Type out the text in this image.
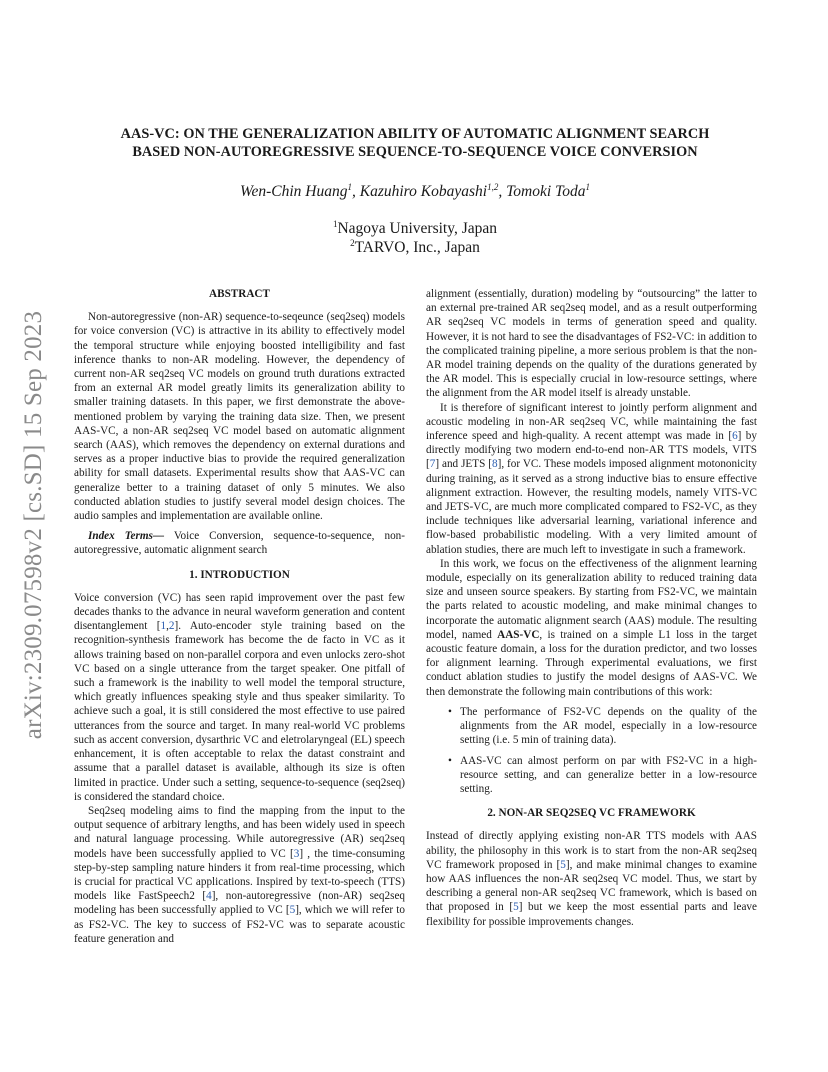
arXiv:2309.07598v2 [cs.SD] 15 Sep 2023
AAS-VC: ON THE GENERALIZATION ABILITY OF AUTOMATIC ALIGNMENT SEARCH
BASED NON-AUTOREGRESSIVE SEQUENCE-TO-SEQUENCE VOICE CONVERSION
Wen-Chin Huang$^1$, Kazuhiro Kobayashi$^{1,2}$, Tomoki Toda$^1$
$^1$Nagoya University, Japan
$^2$TARVO, Inc., Japan
ABSTRACT

Non-autoregressive (non-AR) sequence-to-seqeunce (seq2seq) models for voice conversion (VC) is attractive in its ability to effectively model the temporal structure while enjoying boosted intelligibility and fast inference thanks to non-AR modeling. However, the dependency of current non-AR seq2seq VC models on ground truth durations extracted from an external AR model greatly limits its generalization ability to smaller training datasets. In this paper, we first demonstrate the above-mentioned problem by varying the training data size. Then, we present AAS-VC, a non-AR seq2seq VC model based on automatic alignment search (AAS), which removes the dependency on external durations and serves as a proper inductive bias to provide the required generalization ability for small datasets. Experimental results show that AAS-VC can generalize better to a training dataset of only 5 minutes. We also conducted ablation studies to justify several model design choices. The audio samples and implementation are available online.

Index Terms— Voice Conversion, sequence-to-sequence, non-autoregressive, automatic alignment search

1. INTRODUCTION

Voice conversion (VC) has seen rapid improvement over the past few decades thanks to the advance in neural waveform generation and content disentanglement [1,2]. Auto-encoder style training based on the recognition-synthesis framework has become the de facto in VC as it allows training based on non-parallel corpora and even unlocks zero-shot VC based on a single utterance from the target speaker. One pitfall of such a framework is the inability to well model the temporal structure, which greatly influences speaking style and thus speaker similarity. To achieve such a goal, it is still considered the most effective to use paired utterances from the source and target. In many real-world VC problems such as accent conversion, dysarthric VC and eletrolaryngeal (EL) speech enhancement, it is often acceptable to relax the datast constraint and assume that a parallel dataset is available, although its size is often limited in practice. Under such a setting, sequence-to-sequence (seq2seq) is considered the standard choice.

Seq2seq modeling aims to find the mapping from the input to the output sequence of arbitrary lengths, and has been widely used in speech and natural language processing. While autoregressive (AR) seq2seq models have been successfully applied to VC [3] , the time-consuming step-by-step sampling nature hinders it from real-time processing, which is crucial for practical VC applications. Inspired by text-to-speech (TTS) models like FastSpeech2 [4], non-autoregressive (non-AR) seq2seq modeling has been successfully applied to VC [5], which we will refer to as FS2-VC. The key to success of FS2-VC was to separate acoustic feature generation and

alignment (essentially, duration) modeling by “outsourcing” the latter to an external pre-trained AR seq2seq model, and as a result outperforming AR seq2seq VC models in terms of generation speed and quality. However, it is not hard to see the disadvantages of FS2-VC: in addition to the complicated training pipeline, a more serious problem is that the non-AR model training depends on the quality of the durations generated by the AR model. This is especially crucial in low-resource settings, where the alignment from the AR model itself is already unstable.

It is therefore of significant interest to jointly perform alignment and acoustic modeling in non-AR seq2seq VC, while maintaining the fast inference speed and high-quality. A recent attempt was made in [6] by directly modifying two modern end-to-end non-AR TTS models, VITS [7] and JETS [8], for VC. These models imposed alignment motononicity during training, as it served as a strong inductive bias to ensure effective alignment extraction. However, the resulting models, namely VITS-VC and JETS-VC, are much more complicated compared to FS2-VC, as they include techniques like adversarial learning, variational inference and flow-based probabilistic modeling. With a very limited amount of ablation studies, there are much left to investigate in such a framework.

In this work, we focus on the effectiveness of the alignment learning module, especially on its generalization ability to reduced training data size and unseen source speakers. By starting from FS2-VC, we maintain the parts related to acoustic modeling, and make minimal changes to incorporate the automatic alignment search (AAS) module. The resulting model, named AAS-VC, is trained on a simple L1 loss in the target acoustic feature domain, a loss for the duration predictor, and two losses for alignment learning. Through experimental evaluations, we first conduct ablation studies to justify the model designs of AAS-VC. We then demonstrate the following main contributions of this work:

• The performance of FS2-VC depends on the quality of the alignments from the AR model, especially in a low-resource setting (i.e. 5 min of training data).
• AAS-VC can almost perform on par with FS2-VC in a high-resource setting, and can generalize better in a low-resource setting.
2. NON-AR SEQ2SEQ VC FRAMEWORK

Instead of directly applying existing non-AR TTS models with AAS ability, the philosophy in this work is to start from the non-AR seq2seq VC framework proposed in [5], and make minimal changes to examine how AAS influences the non-AR seq2seq VC model. Thus, we start by describing a general non-AR seq2seq VC framework, which is based on that proposed in [5] but we keep the most essential parts and leave flexibility for possible improvements changes.
